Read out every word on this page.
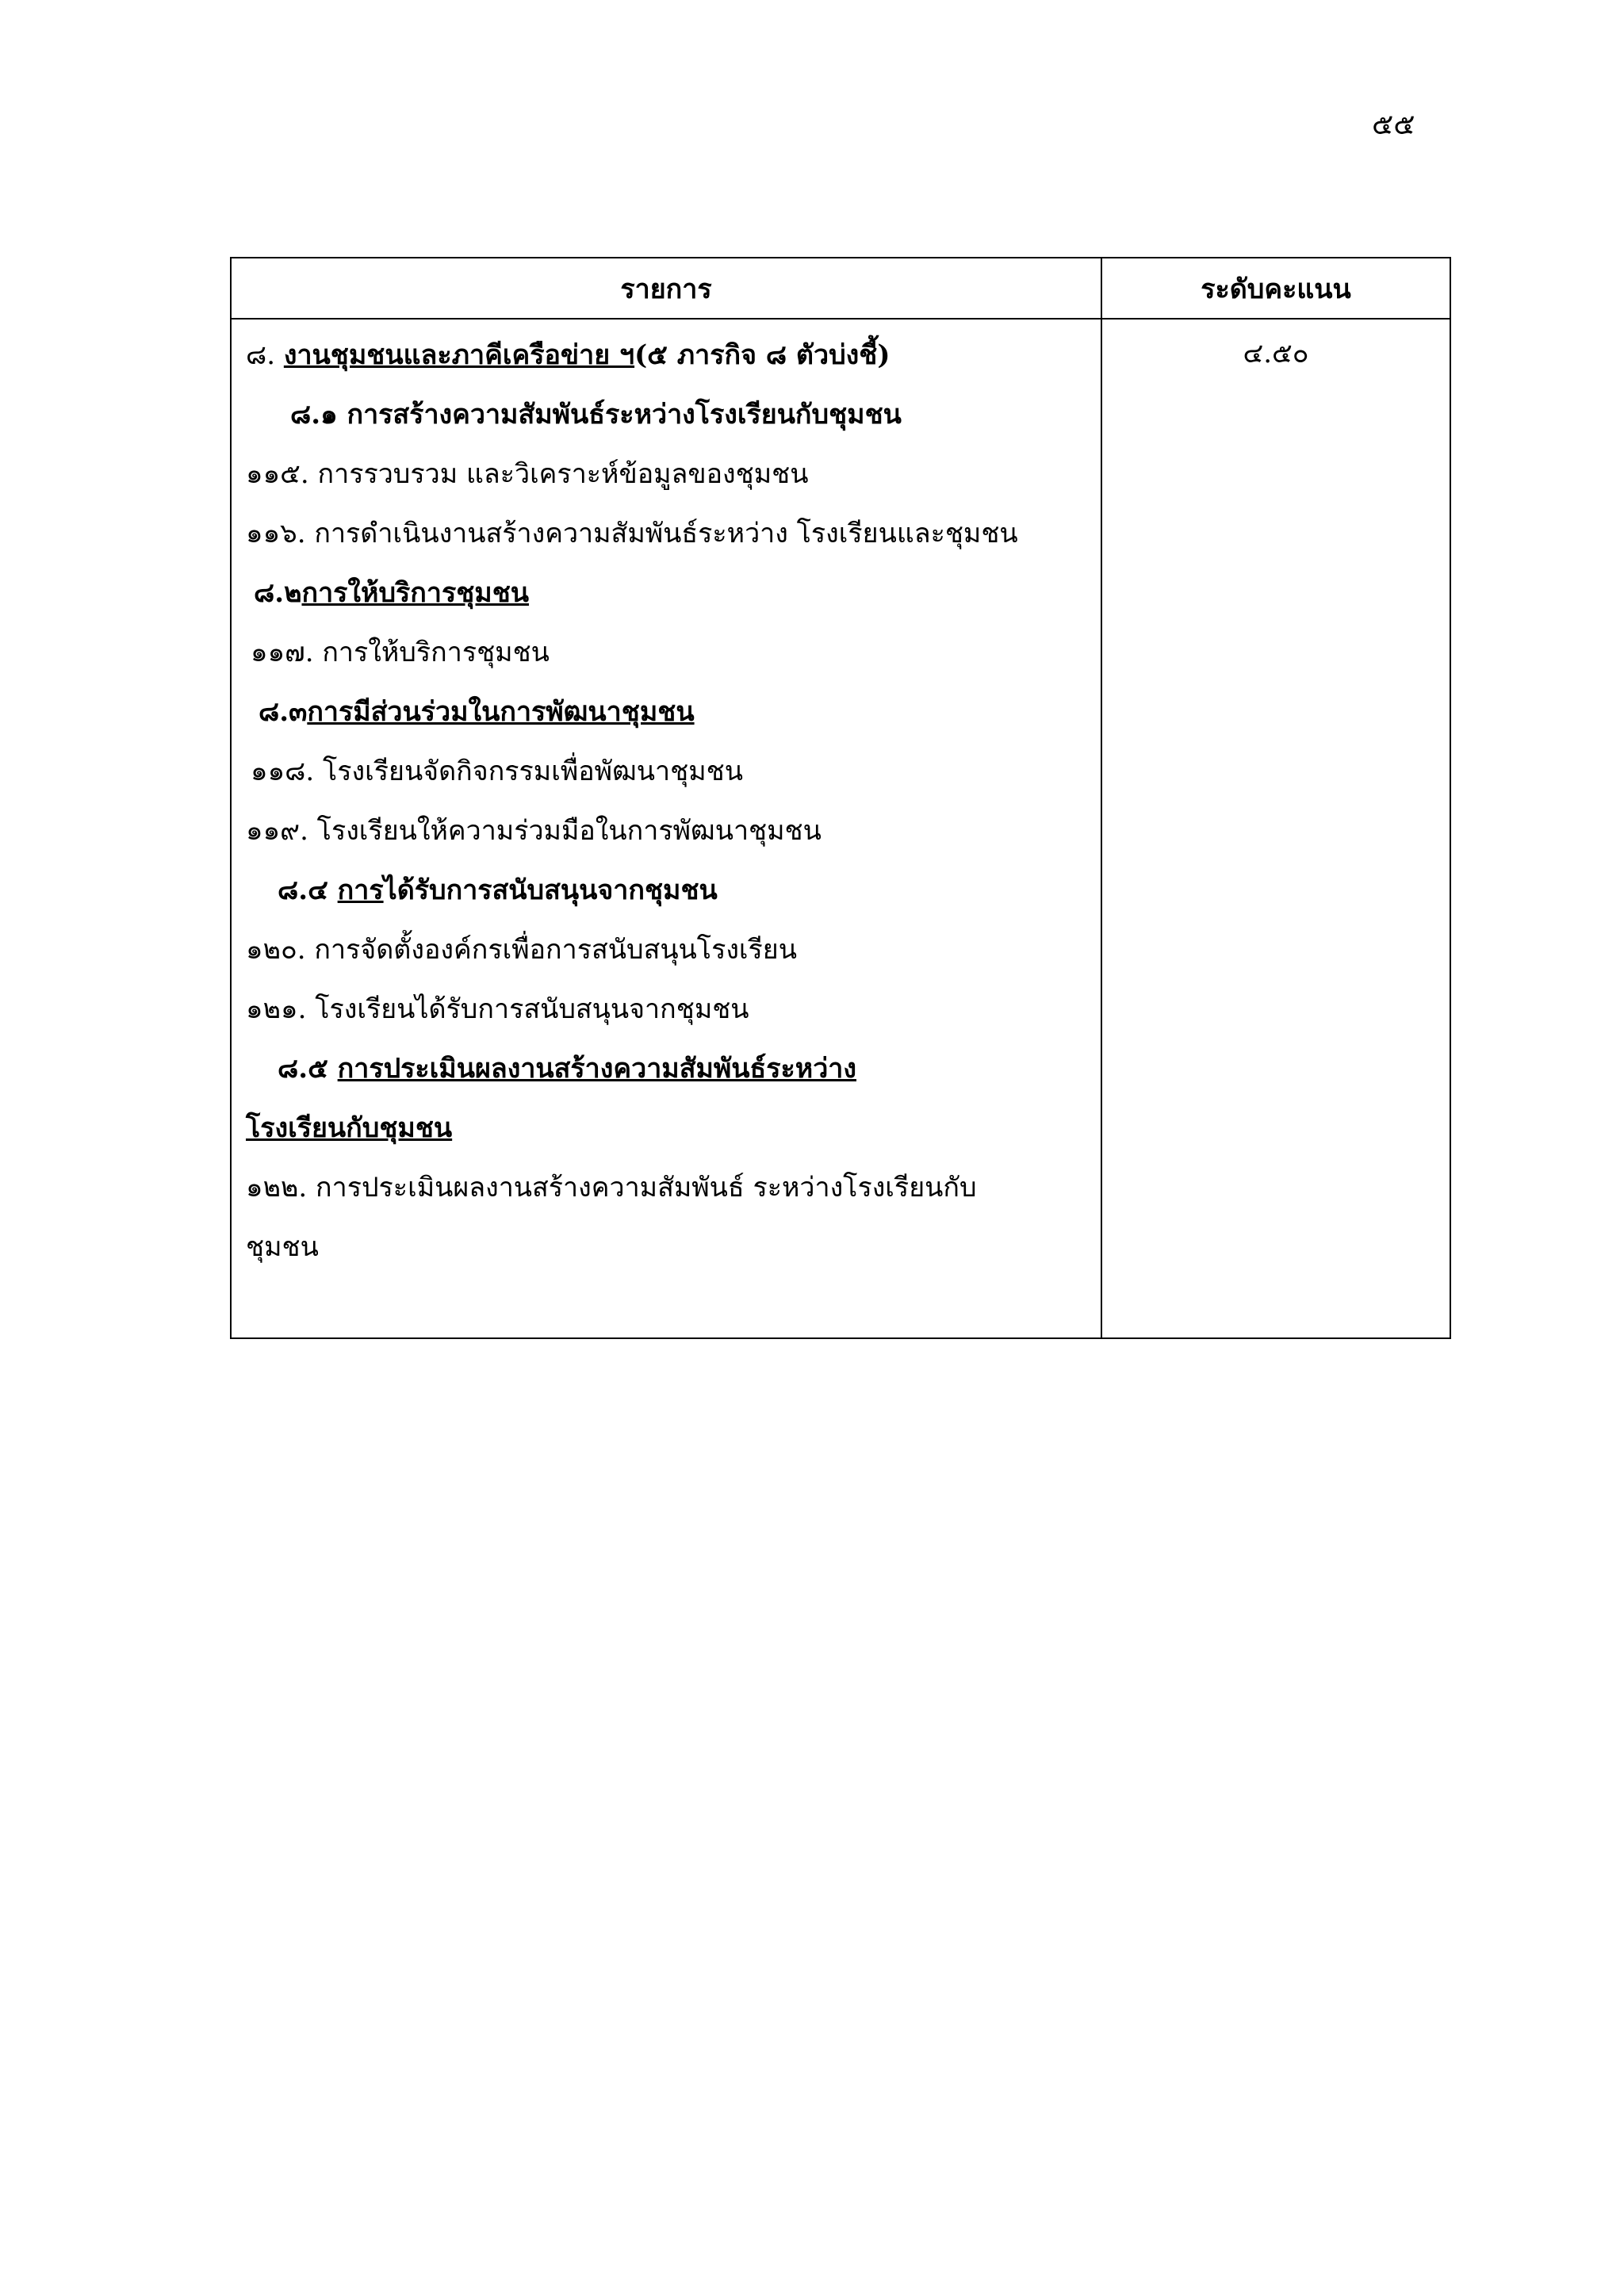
๕๕
รายการ	ระดับคะแนน
๔.๕๐
๘. งานชุมชนและภาคีเครือข่าย ฯ(๕ ภารกิจ ๘ ตัวบ่งชี้)
๘.๑ การสร้างความสัมพันธ์ระหว่างโรงเรียนกับชุมชน
๑๑๕. การรวบรวม และวิเคราะห์ข้อมูลของชุมชน
๑๑๖. การดำเนินงานสร้างความสัมพันธ์ระหว่าง โรงเรียนและชุมชน
๘.๒การให้บริการชุมชน
๑๑๗. การให้บริการชุมชน
๘.๓การมีส่วนร่วมในการพัฒนาชุมชน
๑๑๘. โรงเรียนจัดกิจกรรมเพื่อพัฒนาชุมชน
๑๑๙. โรงเรียนให้ความร่วมมือในการพัฒนาชุมชน
๘.๔ การได้รับการสนับสนุนจากชุมชน
๑๒๐. การจัดตั้งองค์กรเพื่อการสนับสนุนโรงเรียน
๑๒๑. โรงเรียนได้รับการสนับสนุนจากชุมชน
๘.๕ การประเมินผลงานสร้างความสัมพันธ์ระหว่าง
โรงเรียนกับชุมชน
๑๒๒. การประเมินผลงานสร้างความสัมพันธ์ ระหว่างโรงเรียนกับ
ชุมชน
